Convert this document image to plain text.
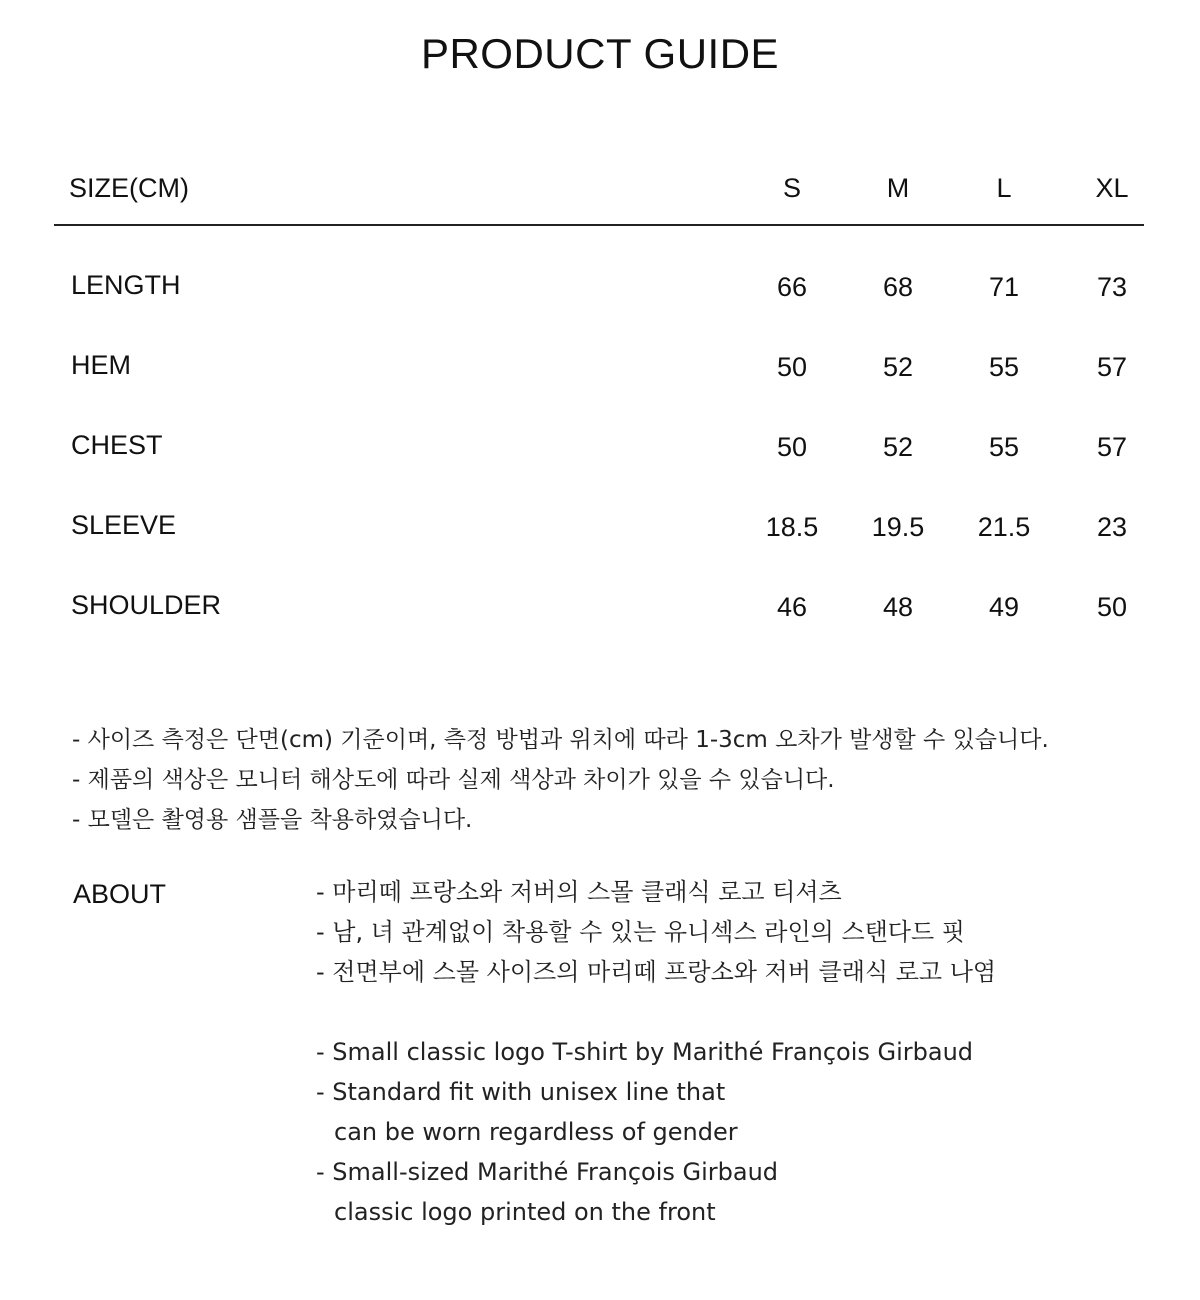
PRODUCT GUIDE
SIZE(CM)	S	M	L	XL
LENGTH	66	68	71	73
HEM	50	52	55	57
CHEST	50	52	55	57
SLEEVE	18.5	19.5	21.5	23
SHOULDER	46	48	49	50
- 사이즈 측정은 단면(cm) 기준이며, 측정 방법과 위치에 따라 1-3cm 오차가 발생할 수 있습니다.
- 제품의 색상은 모니터 해상도에 따라 실제 색상과 차이가 있을 수 있습니다.
- 모델은 촬영용 샘플을 착용하였습니다.
ABOUT	- 마리떼 프랑소와 저버의 스몰 클래식 로고 티셔츠
- 남, 녀 관계없이 착용할 수 있는 유니섹스 라인의 스탠다드 핏
- 전면부에 스몰 사이즈의 마리떼 프랑소와 저버 클래식 로고 나염
- Small classic logo T-shirt by Marithé François Girbaud
- Standard fit with unisex line that
can be worn regardless of gender
- Small-sized Marithé François Girbaud
classic logo printed on the front
